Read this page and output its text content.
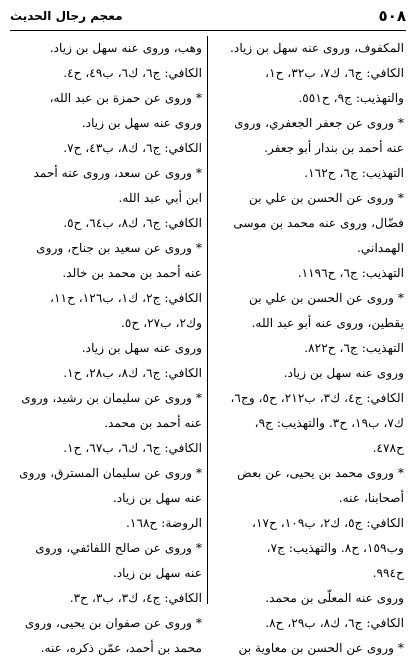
٥٠٨
معجم رجال الحديث
المكفوف، وروى عنه سهل بن زياد.
الكافي: ج٦، ك٧، ب٣٢، ح١،
والتهذيب: ج٩، ح٥٥١.
* وروى عن جعفر الجعفري، وروى
عنه أحمد بن بندار أبو جعفر.
التهذيب: ج٦، ح١٦٢.
* وروى عن الحسن بن علي بن
فضّال، وروى عنه محمد بن موسى
الهمداني.
التهذيب: ج٦، ح١١٩٦.
* وروى عن الحسن بن علي بن
يقطين، وروى عنه أبو عبد الله.
التهذيب: ج٦، ح٨٢٢.
وروى عنه سهل بن زياد.
الكافي: ج٤، ك٣، ب٢١٢، ح٥، وج٦،
ك٧، ب١٩، ح٣. والتهذيب: ج٩،
ح٤٧٨.
* وروى محمد بن يحيى، عن بعض
أصحابنا، عنه.
الكافي: ج٥، ك٢، ب١٠٩، ح١٧،
وب١٥٩، ح٨. والتهذيب: ج٧،
ح٩٩٤.
وروى عنه المعلّى بن محمد.
الكافي: ج٦، ك٨، ب٢٩، ح٨.
* وروى عن الحسن بن معاوية بن
وهب، وروى عنه سهل بن زياد.
الكافي: ج٦، ك٦، ب٤٩، ح٤.
* وروى عن حمزة بن عبد الله،
وروى عنه سهل بن زياد.
الكافي: ج٦، ك٨، ب٤٣، ح٧.
* وروى عن سعد، وروى عنه أحمد
ابن أبي عبد الله.
الكافي: ج٦، ك٨، ب٦٤، ح٥.
* وروى عن سعيد بن جناح، وروى
عنه أحمد بن محمد بن خالد.
الكافي: ج٢، ك١، ب١٢٦، ح١١،
وك٢، ب٢٧، ح٥.
وروى عنه سهل بن زياد.
الكافي: ج٦، ك٨، ب٢٨، ح١.
* وروى عن سليمان بن رشيد، وروى
عنه أحمد بن محمد.
الكافي: ج٦، ك٦، ب٦٧، ح١.
* وروى عن سليمان المسترق، وروى
عنه سهل بن زياد.
الروضة: ح١٦٨.
* وروى عن صالح اللفائفي، وروى
عنه سهل بن زياد.
الكافي: ج٤، ك٣، ب٣، ح٣.
* وروى عن صفوان بن يحيى، وروى
محمد بن أحمد، عمّن ذكره، عنه.
